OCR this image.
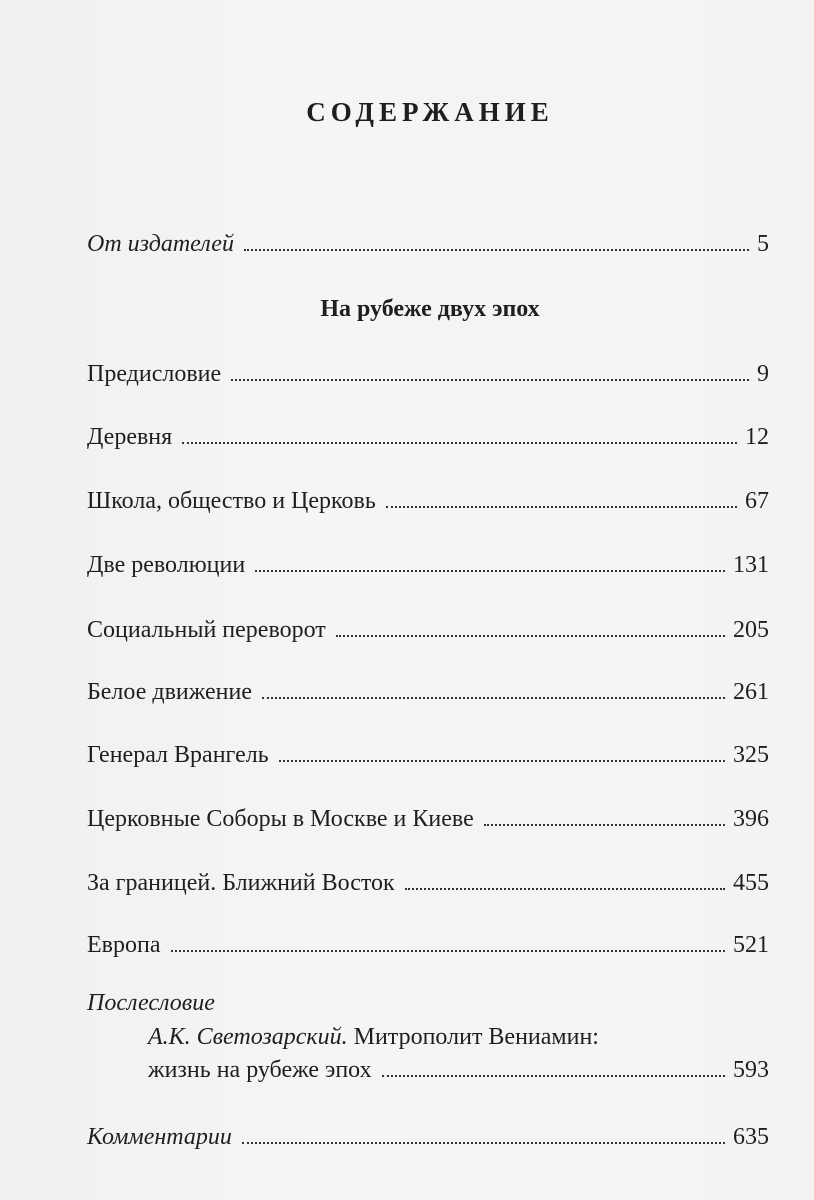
СОДЕРЖАНИЕ
От издателей	5
На рубеже двух эпох
Предисловие	9
Деревня	12
Школа, общество и Церковь	67
Две революции	131
Социальный переворот	205
Белое движение	261
Генерал Врангель	325
Церковные Соборы в Москве и Киеве	396
За границей. Ближний Восток	455
Европа	521
Послесловие
А.К. Светозарский. Митрополит Вениамин:
жизнь на рубеже эпох	593
Комментарии	635
